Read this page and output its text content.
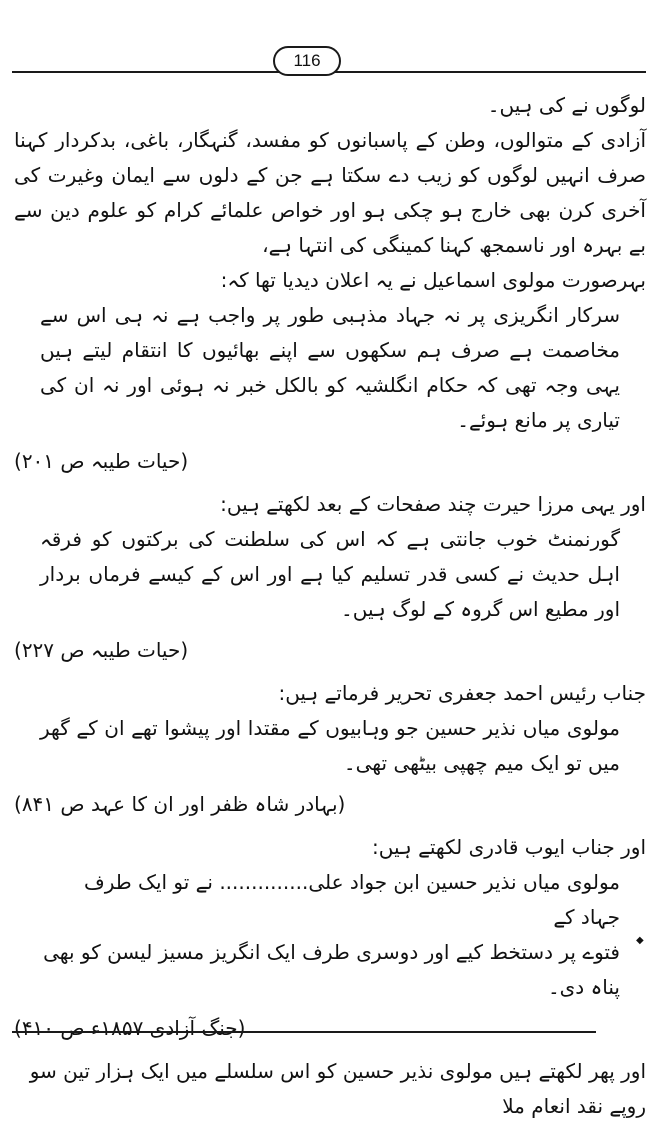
116

لوگوں نے کی ہیں۔

آزادی کے متوالوں، وطن کے پاسبانوں کو مفسد، گنہگار، باغی، بدکردار کہنا صرف انہیں لوگوں کو زیب دے سکتا ہے جن کے دلوں سے ایمان وغیرت کی آخری کرن بھی خارج ہو چکی ہو اور خواص علمائے کرام کو علوم دین سے بے بہرہ اور ناسمجھ کہنا کمینگی کی انتہا ہے،

بہرصورت مولوی اسماعیل نے یہ اعلان دیدیا تھا کہ:

سرکار انگریزی پر نہ جہاد مذہبی طور پر واجب ہے نہ ہی اس سے مخاصمت ہے صرف ہم سکھوں سے اپنے بھائیوں کا انتقام لیتے ہیں یہی وجہ تھی کہ حکام انگلشیہ کو بالکل خبر نہ ہوئی اور نہ ان کی تیاری پر مانع ہوئے۔

(حیات طیبہ ص ۲۰۱)

اور یہی مرزا حیرت چند صفحات کے بعد لکھتے ہیں:

گورنمنٹ خوب جانتی ہے کہ اس کی سلطنت کی برکتوں کو فرقہ اہل حدیث نے کسی قدر تسلیم کیا ہے اور اس کے کیسے فرماں بردار اور مطیع اس گروہ کے لوگ ہیں۔

(حیات طیبہ ص ۲۲۷)

جناب رئیس احمد جعفری تحریر فرماتے ہیں:

مولوی میاں نذیر حسین جو وہابیوں کے مقتدا اور پیشوا تھے ان کے گھر میں تو ایک میم چھپی بیٹھی تھی۔

(بہادر شاہ ظفر اور ان کا عہد ص ۸۴۱)

اور جناب ایوب قادری لکھتے ہیں:

مولوی میاں نذیر حسین ابن جواد علی.............. نے تو ایک طرف جہاد کے

فتوے پر دستخط کیے اور دوسری طرف ایک انگریز مسیز لیسن کو بھی پناہ دی۔

(جنگ آزادی ۱۸۵۷ء ص ۴۱۰)

اور پھر لکھتے ہیں مولوی نذیر حسین کو اس سلسلے میں ایک ہزار تین سو روپے نقد انعام ملا

◆
